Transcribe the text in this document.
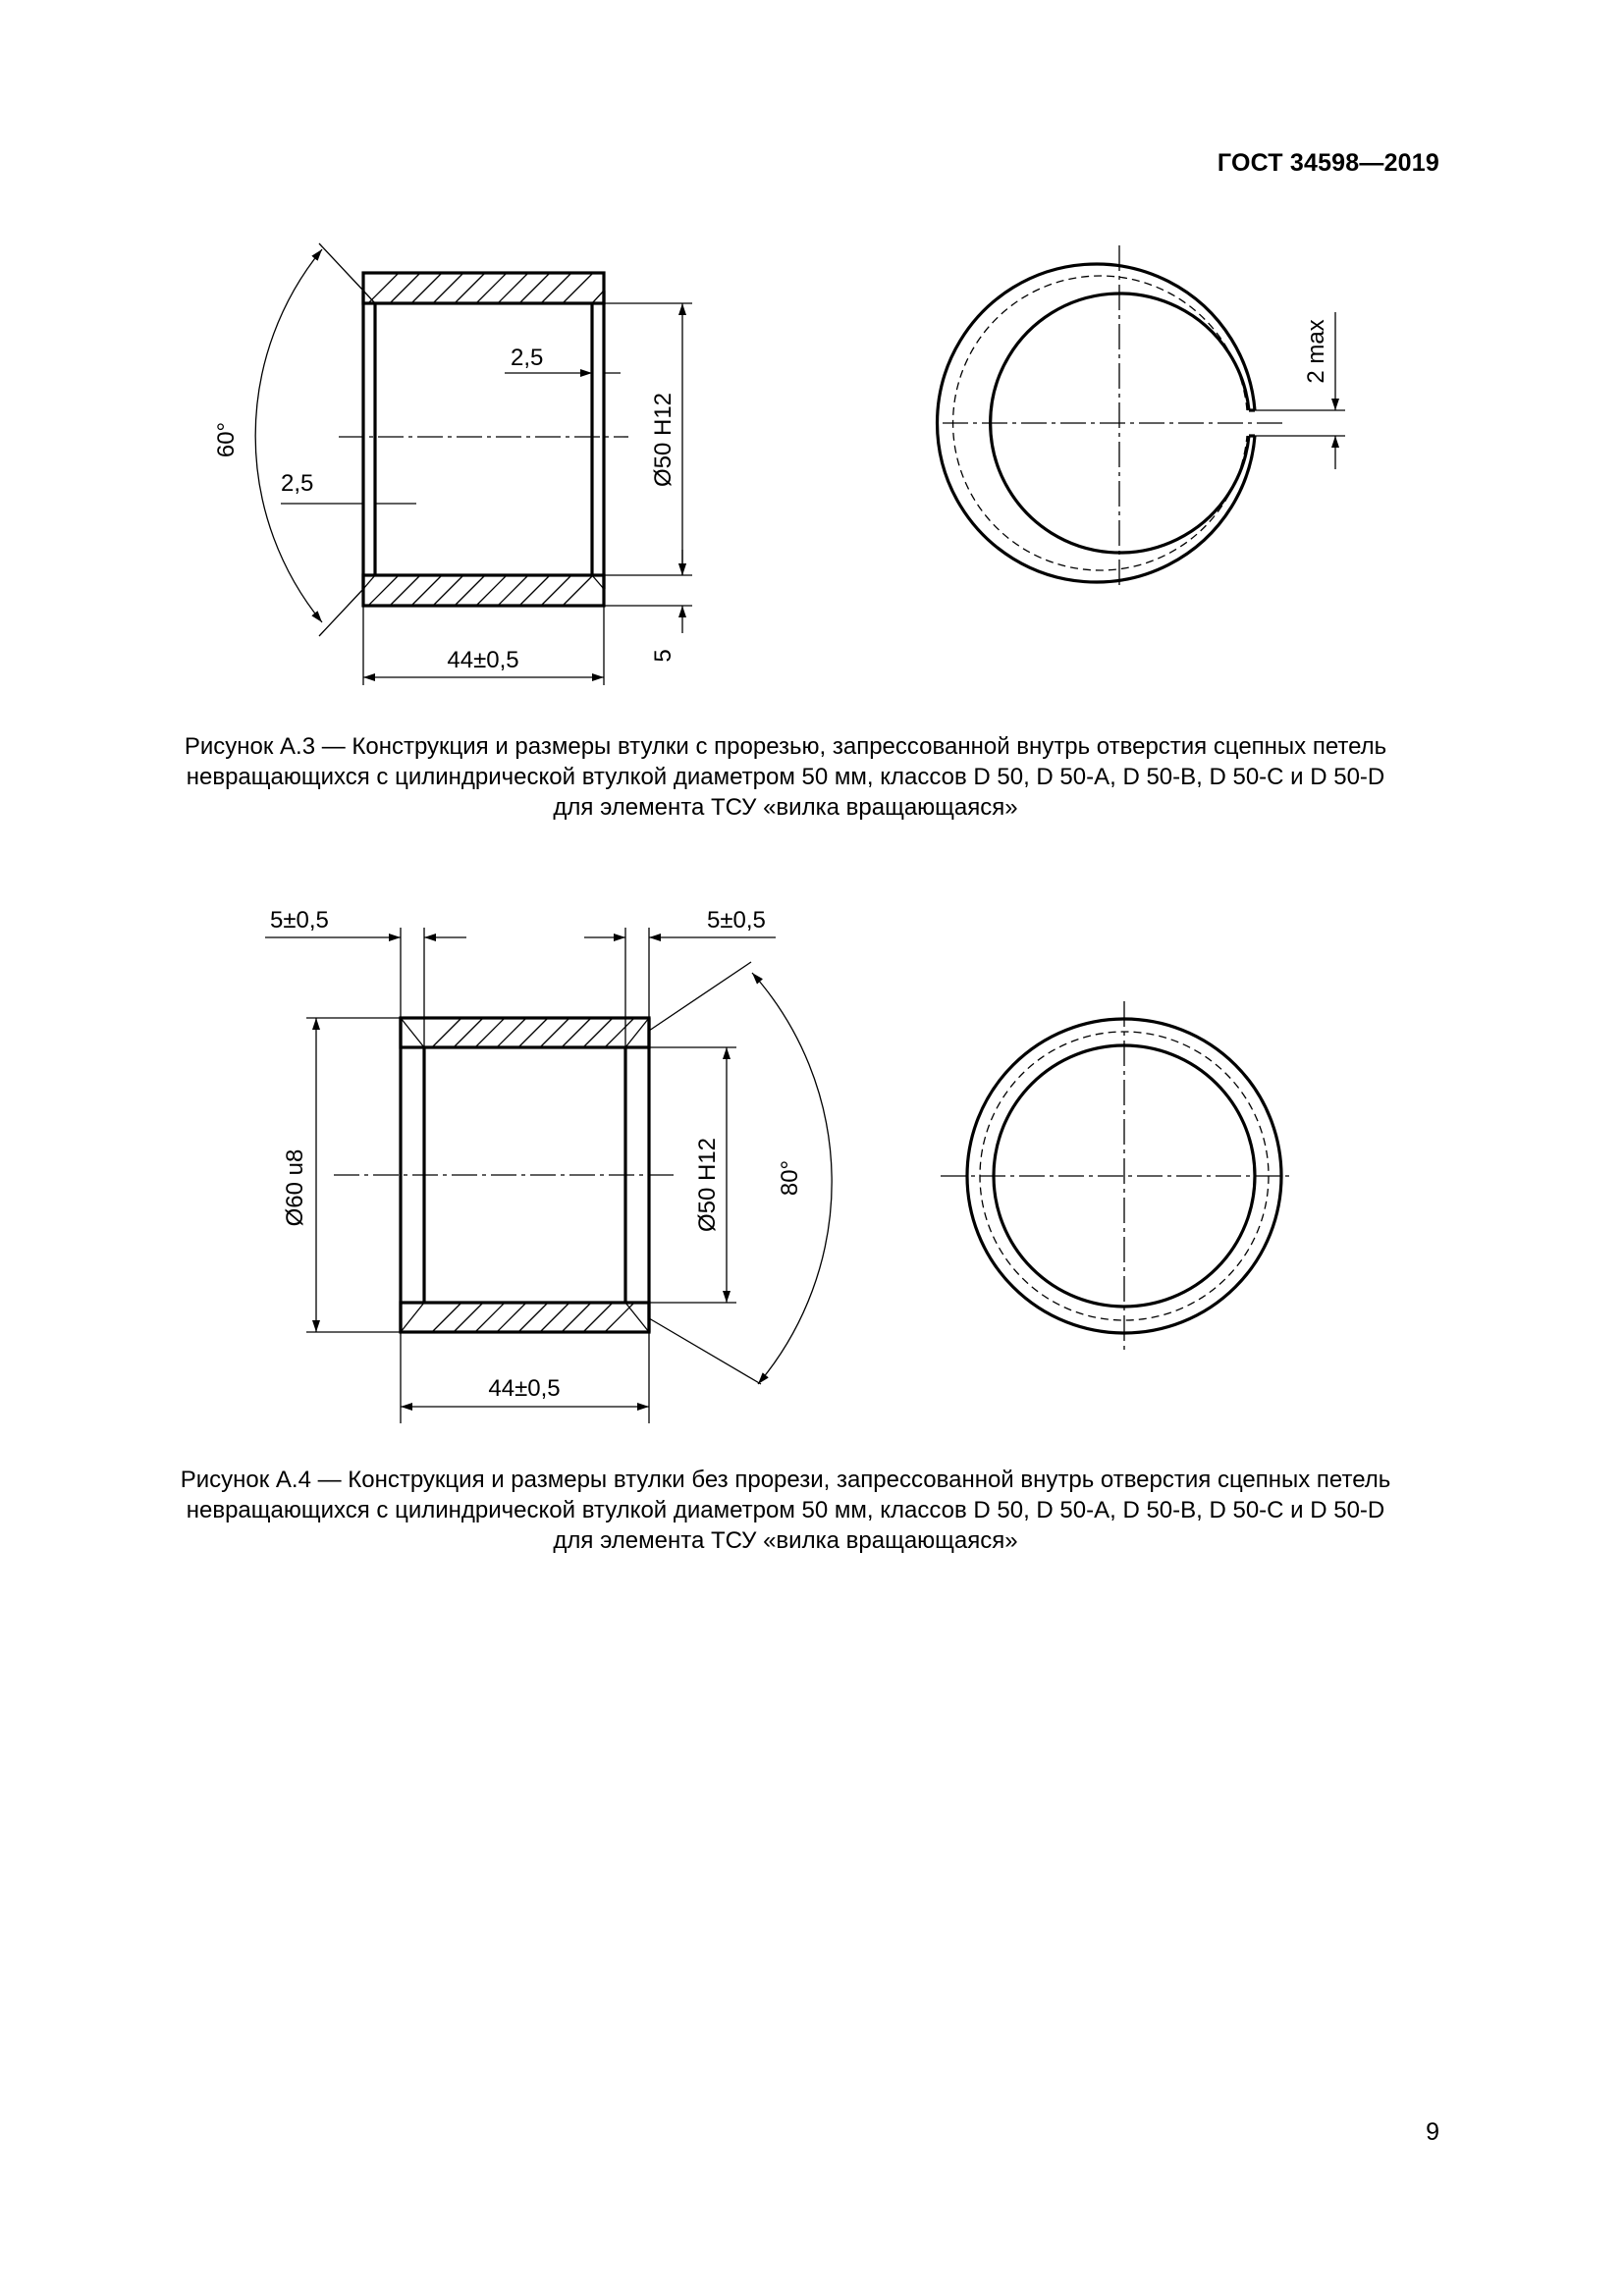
ГОСТ 34598—2019
60°
2,5
2,5	Ø50 H12
5
44±0,5
2 max
Рисунок А.3 — Конструкция и размеры втулки с прорезью, запрессованной внутрь отверстия сцепных петель
невращающихся с цилиндрической втулкой диаметром 50 мм, классов D 50, D 50-A, D 50-B, D 50-C и D 50-D
для элемента ТСУ «вилка вращающаяся»
5±0,5	5±0,5
Ø60 u8	Ø50 H12 80°
44±0,5
Рисунок А.4 — Конструкция и размеры втулки без прорези, запрессованной внутрь отверстия сцепных петель
невращающихся с цилиндрической втулкой диаметром 50 мм, классов D 50, D 50-A, D 50-B, D 50-C и D 50-D
для элемента ТСУ «вилка вращающаяся»
9
